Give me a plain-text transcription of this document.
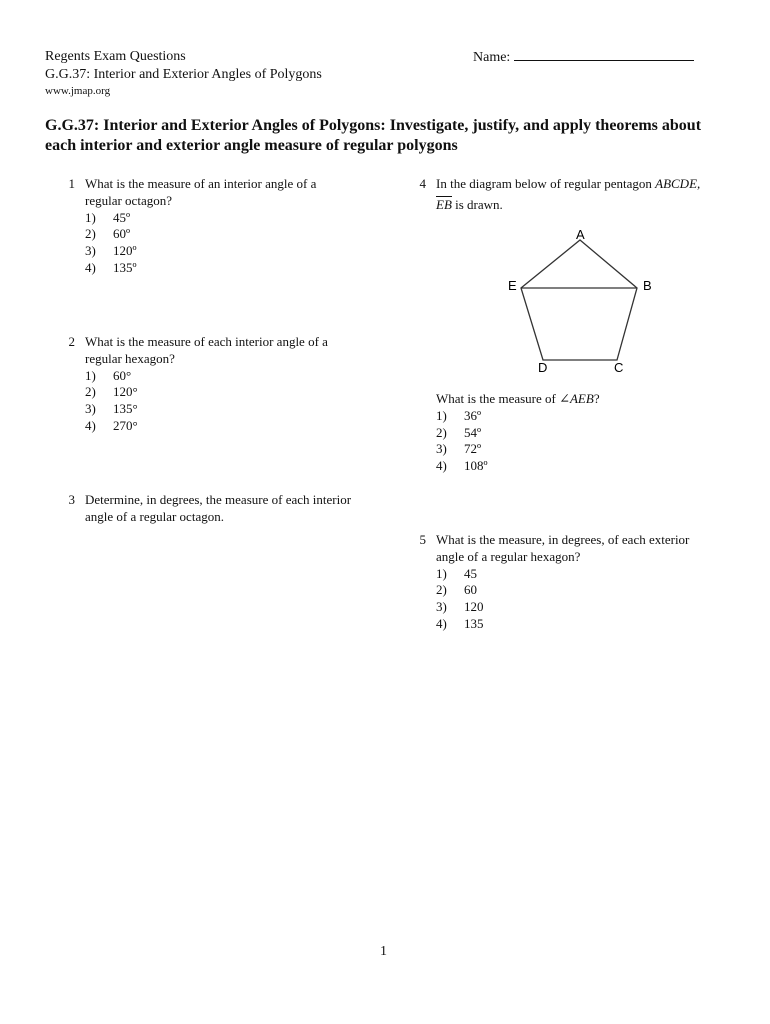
Regents Exam Questions
G.G.37: Interior and Exterior Angles of Polygons
www.jmap.org
Name:
G.G.37: Interior and Exterior Angles of Polygons: Investigate, justify, and apply theorems about
each interior and exterior angle measure of regular polygons
1 What is the measure of an interior angle of a
regular octagon?
1) 45º
2) 60º
3) 120º
4) 135º
2 What is the measure of each interior angle of a
regular hexagon?
1) 60°
2) 120°
3) 135°
4) 270°
3 Determine, in degrees, the measure of each interior
angle of a regular octagon.
4 In the diagram below of regular pentagon ABCDE,
EB is drawn.
A
B
C
D
E
What is the measure of ∠AEB?
1) 36º
2) 54º
3) 72º
4) 108º
5 What is the measure, in degrees, of each exterior
angle of a regular hexagon?
1) 45
2) 60
3) 120
4) 135
1
